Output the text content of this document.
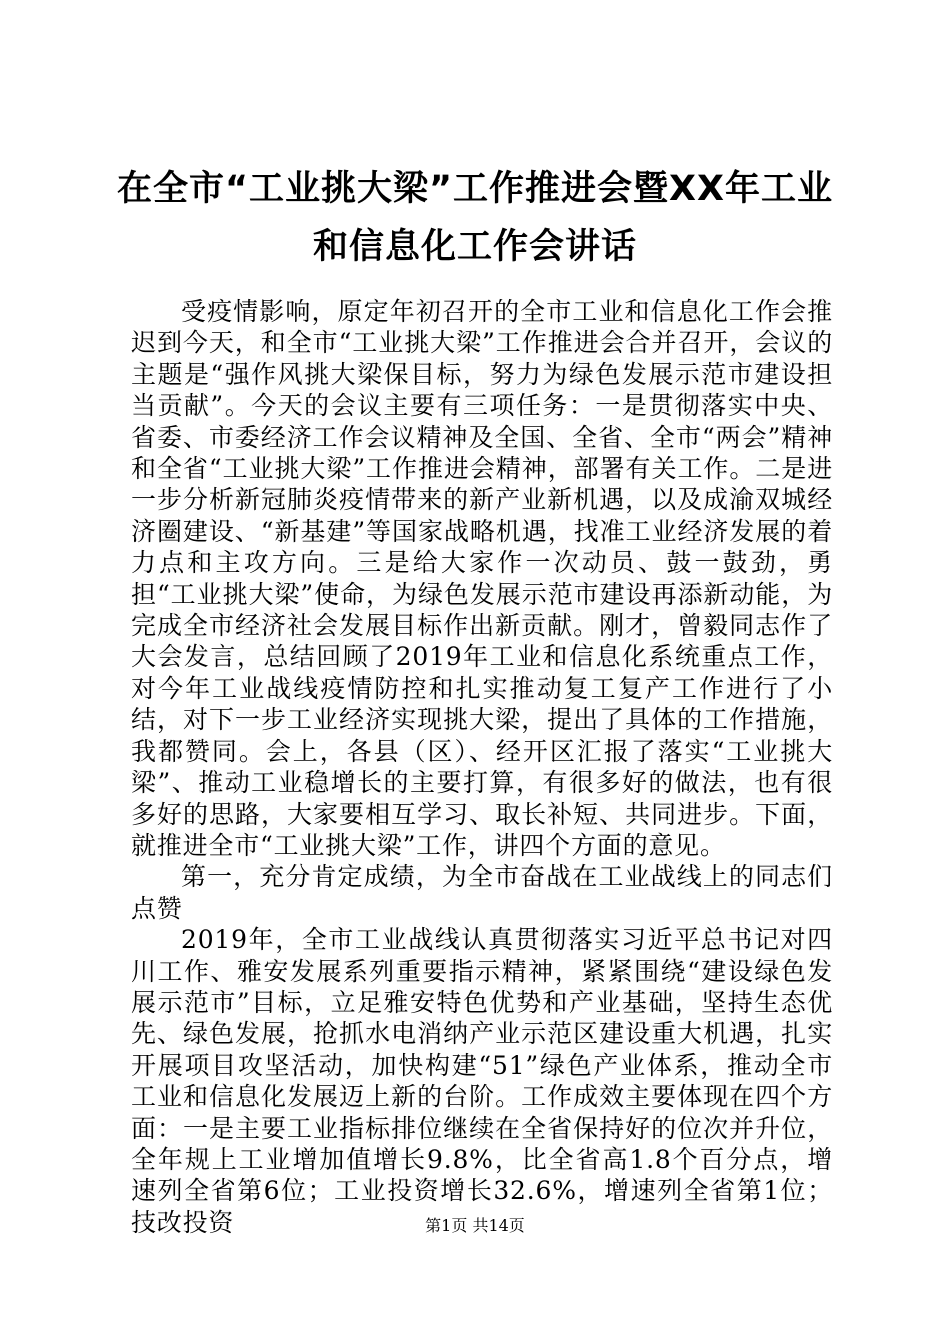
在全市“工业挑大梁”工作推进会暨XX年工业和信息化工作会讲话

受疫情影响，原定年初召开的全市工业和信息化工作会推迟到今天，和全市“工业挑大梁”工作推进会合并召开，会议的主题是“强作风挑大梁保目标，努力为绿色发展示范市建设担当贡献”。今天的会议主要有三项任务：一是贯彻落实中央、省委、市委经济工作会议精神及全国、全省、全市“两会”精神和全省“工业挑大梁”工作推进会精神，部署有关工作。二是进一步分析新冠肺炎疫情带来的新产业新机遇，以及成渝双城经济圈建设、“新基建”等国家战略机遇，找准工业经济发展的着力点和主攻方向。三是给大家作一次动员、鼓一鼓劲，勇担“工业挑大梁”使命，为绿色发展示范市建设再添新动能，为完成全市经济社会发展目标作出新贡献。刚才，曾毅同志作了大会发言，总结回顾了2019年工业和信息化系统重点工作，对今年工业战线疫情防控和扎实推动复工复产工作进行了小结，对下一步工业经济实现挑大梁，提出了具体的工作措施，我都赞同。会上，各县（区）、经开区汇报了落实“工业挑大梁”、推动工业稳增长的主要打算，有很多好的做法，也有很多好的思路，大家要相互学习、取长补短、共同进步。下面，就推进全市“工业挑大梁”工作，讲四个方面的意见。

第一，充分肯定成绩，为全市奋战在工业战线上的同志们点赞

2019年，全市工业战线认真贯彻落实习近平总书记对四川工作、雅安发展系列重要指示精神，紧紧围绕“建设绿色发展示范市”目标，立足雅安特色优势和产业基础，坚持生态优先、绿色发展，抢抓水电消纳产业示范区建设重大机遇，扎实开展项目攻坚活动，加快构建“51”绿色产业体系，推动全市工业和信息化发展迈上新的台阶。工作成效主要体现在四个方面：一是主要工业指标排位继续在全省保持好的位次并升位，全年规上工业增加值增长9.8%，比全省高1.8个百分点，增速列全省第6位；工业投资增长32.6%，增速列全省第1位；技改投资	第1页 共14页
